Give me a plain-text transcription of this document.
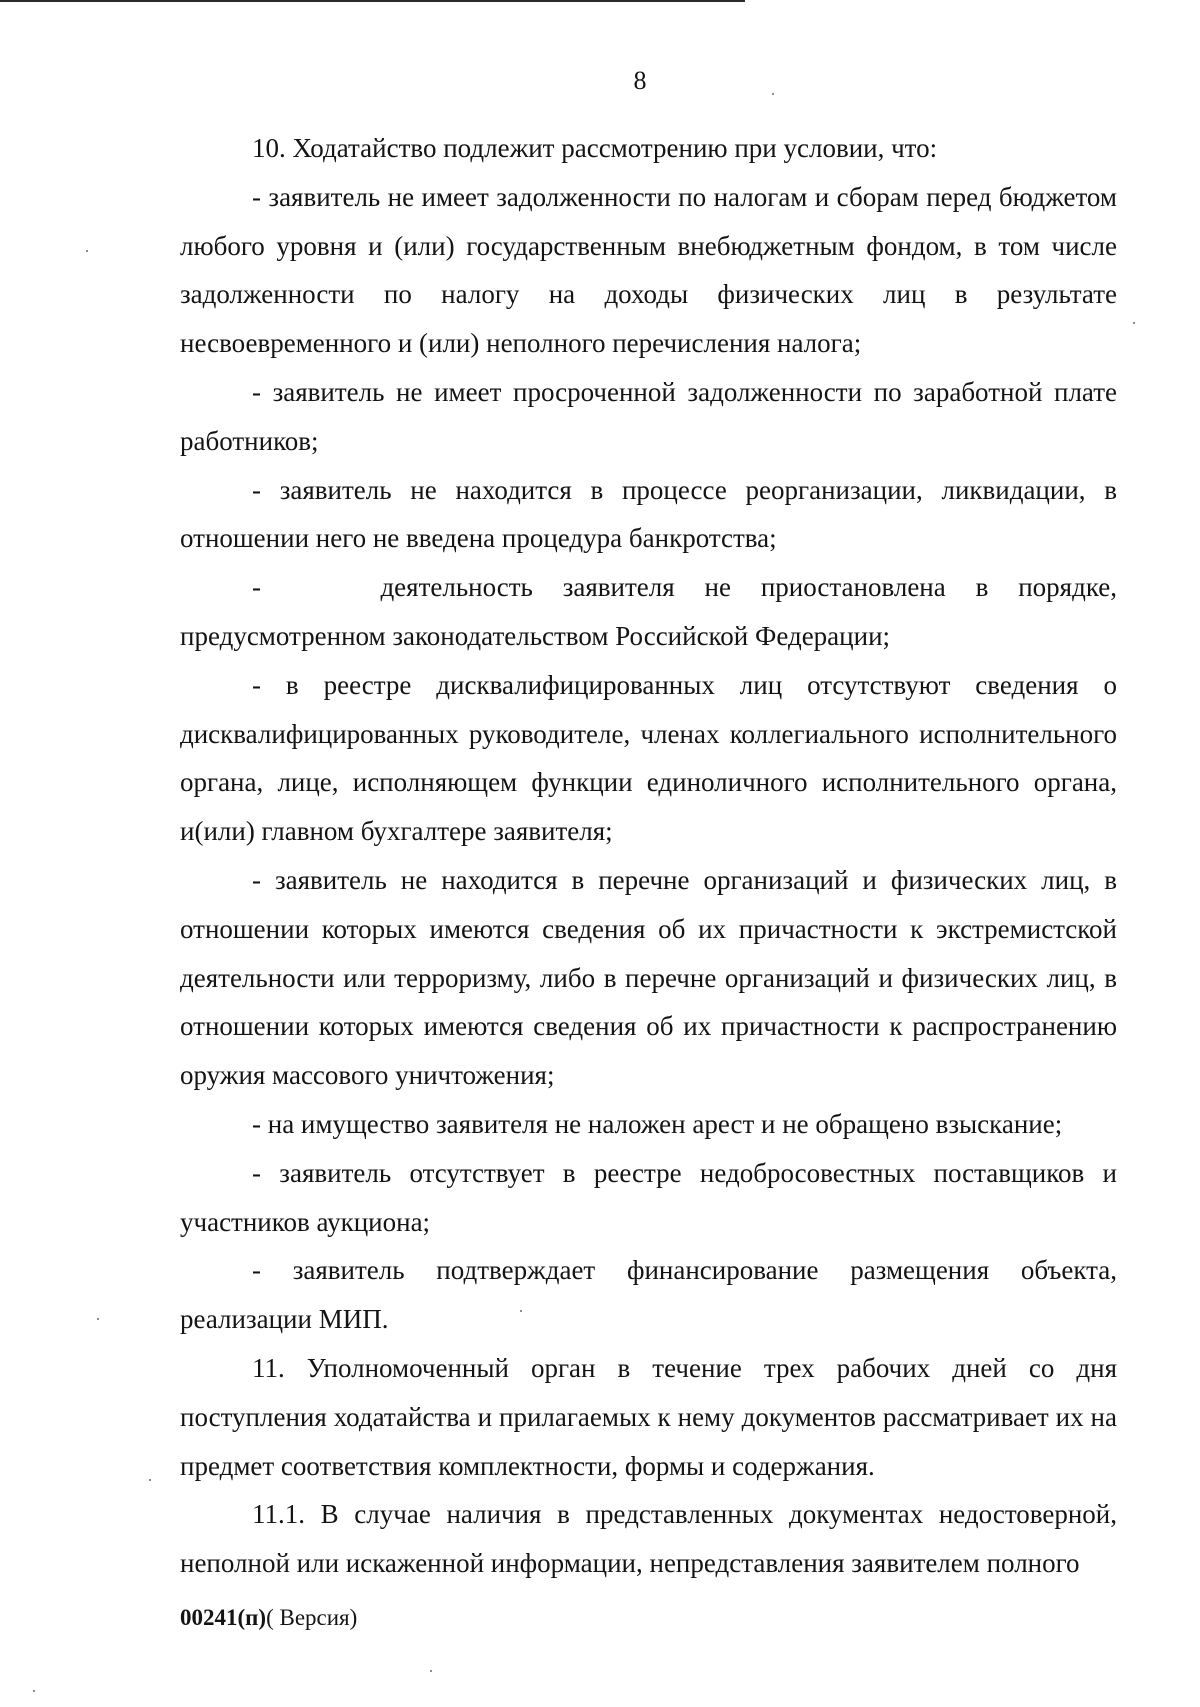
8

10. Ходатайство подлежит рассмотрению при условии, что:

- заявитель не имеет задолженности по налогам и сборам перед бюджетом любого уровня и (или) государственным внебюджетным фондом, в том числе задолженности по налогу на доходы физических лиц в результате несвоевременного и (или) неполного перечисления налога;

- заявитель не имеет просроченной задолженности по заработной плате работников;

- заявитель не находится в процессе реорганизации, ликвидации, в отношении него не введена процедура банкротства;

-    деятельность заявителя не приостановлена в порядке, предусмотренном законодательством Российской Федерации;

- в реестре дисквалифицированных лиц отсутствуют сведения о дисквалифицированных руководителе, членах коллегиального исполнительного органа, лице, исполняющем функции единоличного исполнительного органа, и(или) главном бухгалтере заявителя;

- заявитель не находится в перечне организаций и физических лиц, в отношении которых имеются сведения об их причастности к экстремистской деятельности или терроризму, либо в перечне организаций и физических лиц, в отношении которых имеются сведения об их причастности к распространению оружия массового уничтожения;

- на имущество заявителя не наложен арест и не обращено взыскание;

- заявитель отсутствует в реестре недобросовестных поставщиков и участников аукциона;

- заявитель подтверждает финансирование размещения объекта, реализации МИП.

11. Уполномоченный орган в течение трех рабочих дней со дня поступления ходатайства и прилагаемых к нему документов рассматривает их на предмет соответствия комплектности, формы и содержания.

11.1. В случае наличия в представленных документах недостоверной, неполной или искаженной информации, непредставления заявителем полного

00241(п)( Версия)
